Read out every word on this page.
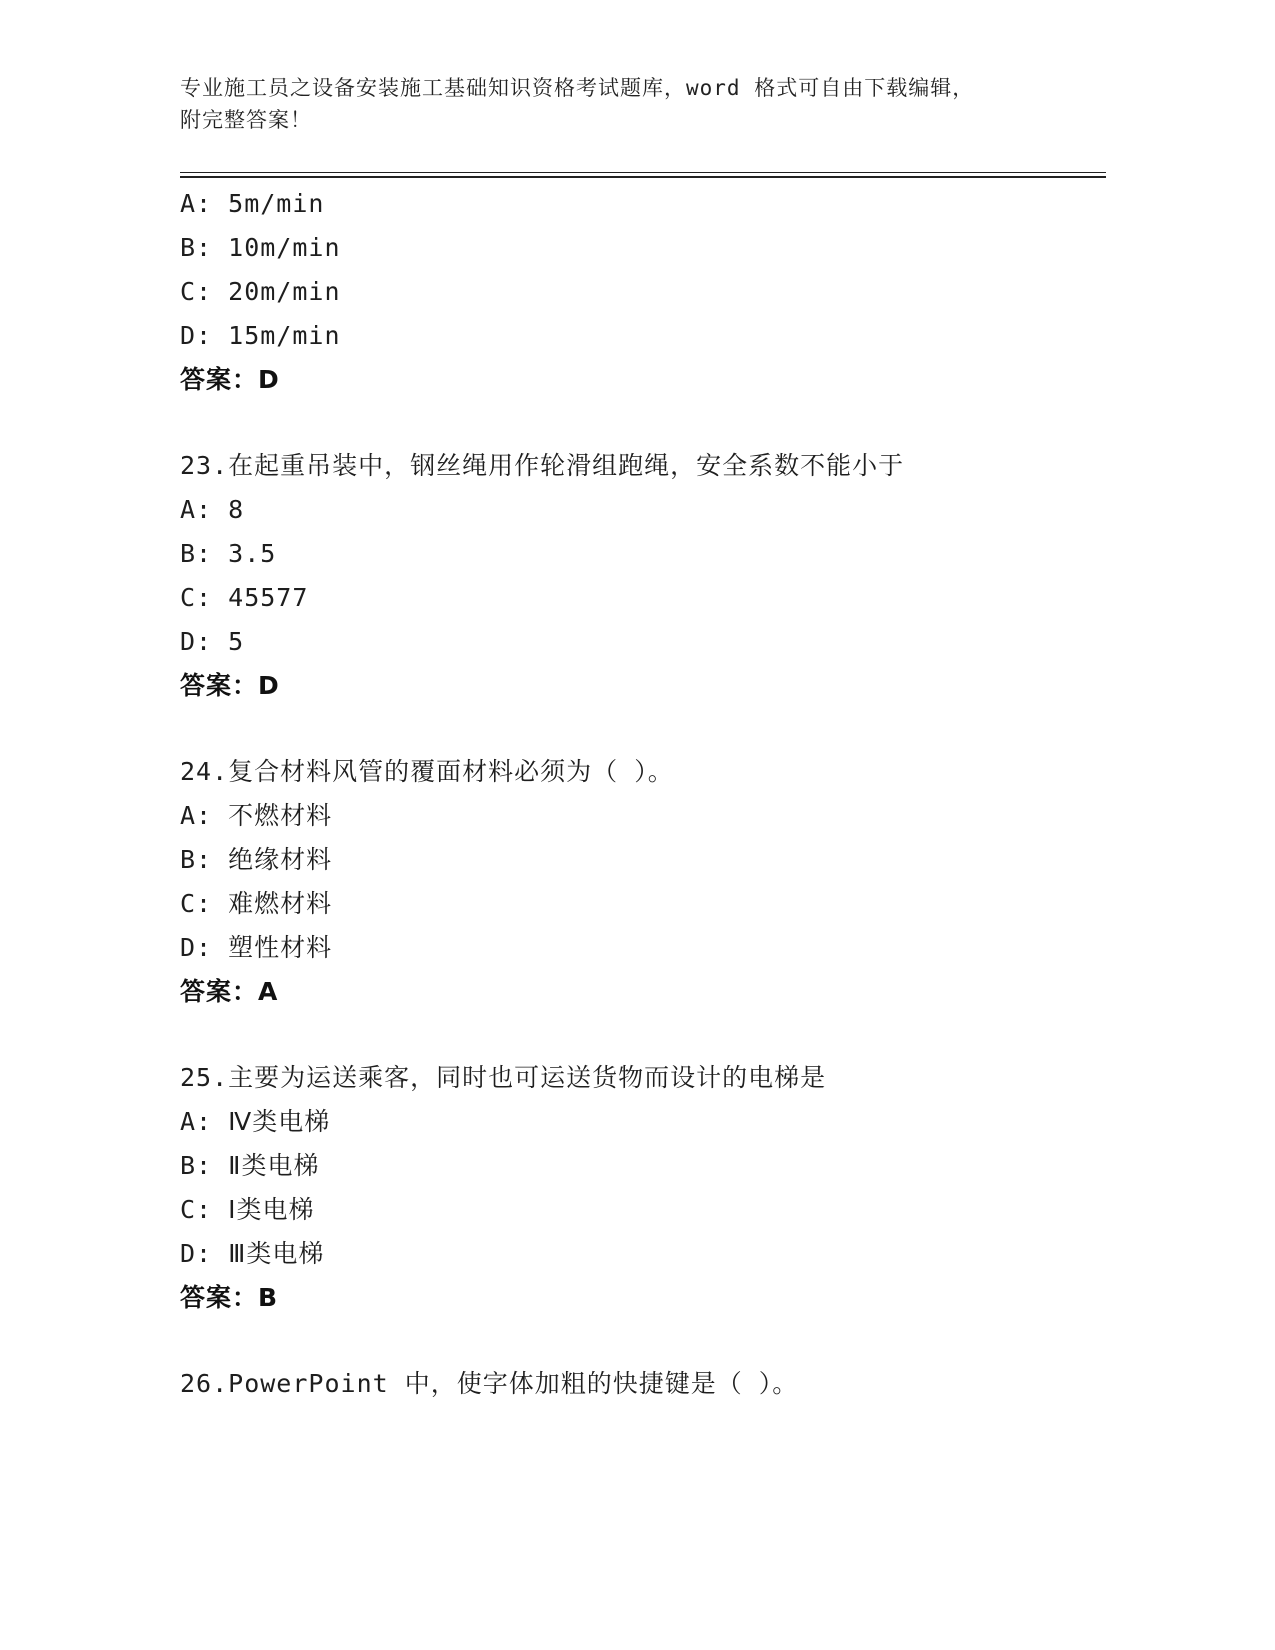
专业施工员之设备安装施工基础知识资格考试题库，word 格式可自由下载编辑，
附完整答案！
A: 5m/min
B: 10m/min
C: 20m/min
D: 15m/min
答案：D
23.在起重吊装中，钢丝绳用作轮滑组跑绳，安全系数不能小于
A: 8
B: 3.5
C: 45577
D: 5
答案：D
24.复合材料风管的覆面材料必须为（ ）。
A: 不燃材料
B: 绝缘材料
C: 难燃材料
D: 塑性材料
答案：A
25.主要为运送乘客，同时也可运送货物而设计的电梯是
A: Ⅳ类电梯
B: Ⅱ类电梯
C: Ⅰ类电梯
D: Ⅲ类电梯
答案：B
26.PowerPoint 中，使字体加粗的快捷键是（ ）。
